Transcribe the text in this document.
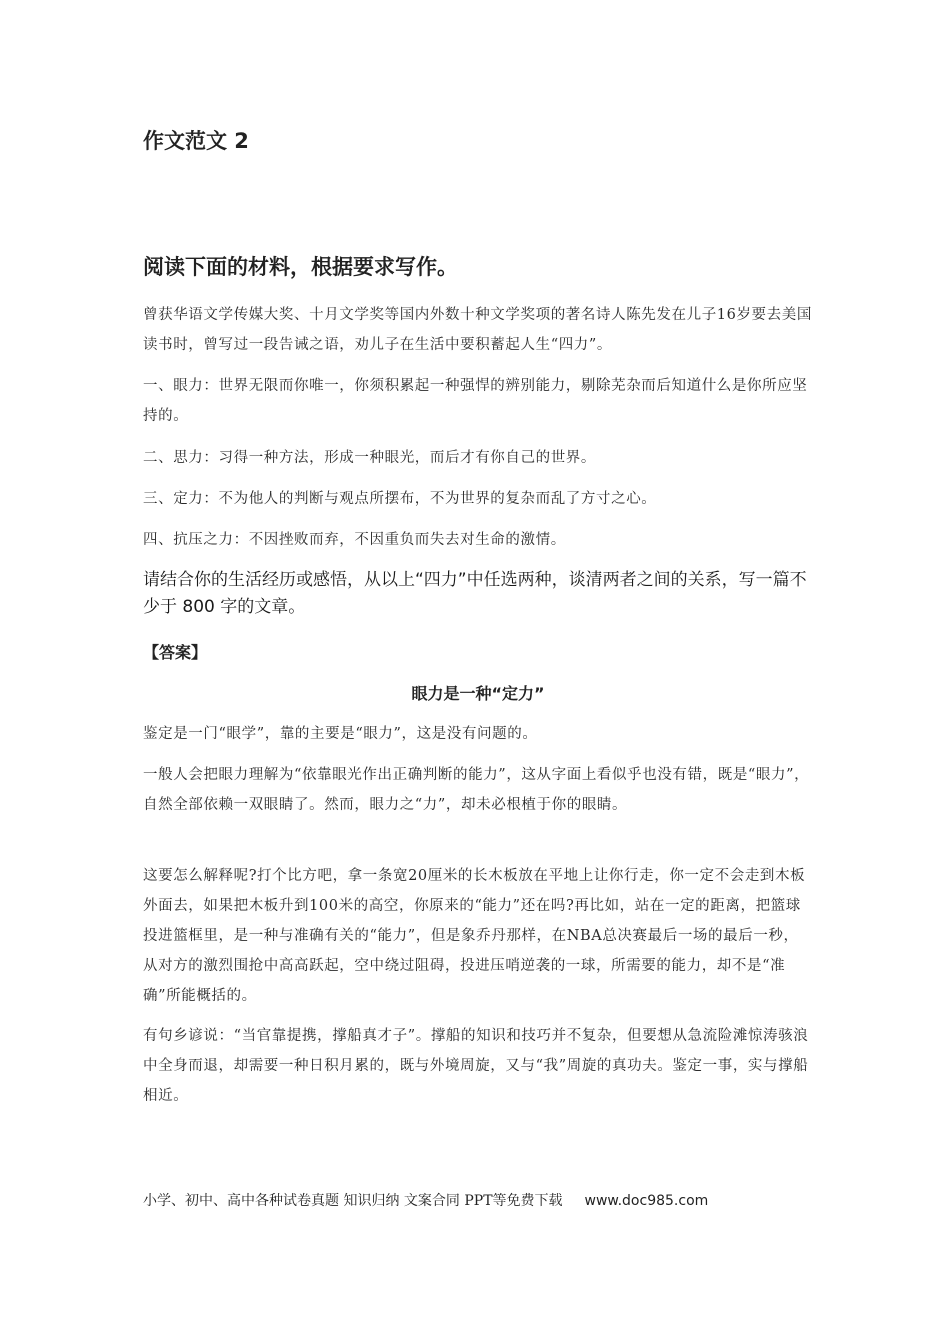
作文范文 2
阅读下面的材料，根据要求写作。

曾获华语文学传媒大奖、十月文学奖等国内外数十种文学奖项的著名诗人陈先发在儿子16岁要去美国读书时，曾写过一段告诫之语，劝儿子在生活中要积蓄起人生“四力”。

一、眼力：世界无限而你唯一，你须积累起一种强悍的辨别能力，剔除芜杂而后知道什么是你所应坚持的。

二、思力：习得一种方法，形成一种眼光，而后才有你自己的世界。

三、定力：不为他人的判断与观点所摆布，不为世界的复杂而乱了方寸之心。

四、抗压之力：不因挫败而弃，不因重负而失去对生命的激情。

请结合你的生活经历或感悟，从以上“四力”中任选两种，谈清两者之间的关系，写一篇不少于 800 字的文章。

【答案】
眼力是一种“定力”

鉴定是一门“眼学”，靠的主要是“眼力”，这是没有问题的。

一般人会把眼力理解为“依靠眼光作出正确判断的能力”，这从字面上看似乎也没有错，既是“眼力”，自然全部依赖一双眼睛了。然而，眼力之“力”，却未必根植于你的眼睛。

这要怎么解释呢?打个比方吧，拿一条宽20厘米的长木板放在平地上让你行走，你一定不会走到木板外面去，如果把木板升到100米的高空，你原来的“能力”还在吗?再比如，站在一定的距离，把篮球投进篮框里，是一种与准确有关的“能力”，但是象乔丹那样，在NBA总决赛最后一场的最后一秒，从对方的激烈围抢中高高跃起，空中绕过阻碍，投进压哨逆袭的一球，所需要的能力，却不是“准确”所能概括的。

有句乡谚说：“当官靠提携，撑船真才子”。撑船的知识和技巧并不复杂，但要想从急流险滩惊涛骇浪中全身而退，却需要一种日积月累的，既与外境周旋，又与“我”周旋的真功夫。鉴定一事，实与撑船相近。

小学、初中、高中各种试卷真题 知识归纳 文案合同 PPT等免费下载 www.doc985.com
